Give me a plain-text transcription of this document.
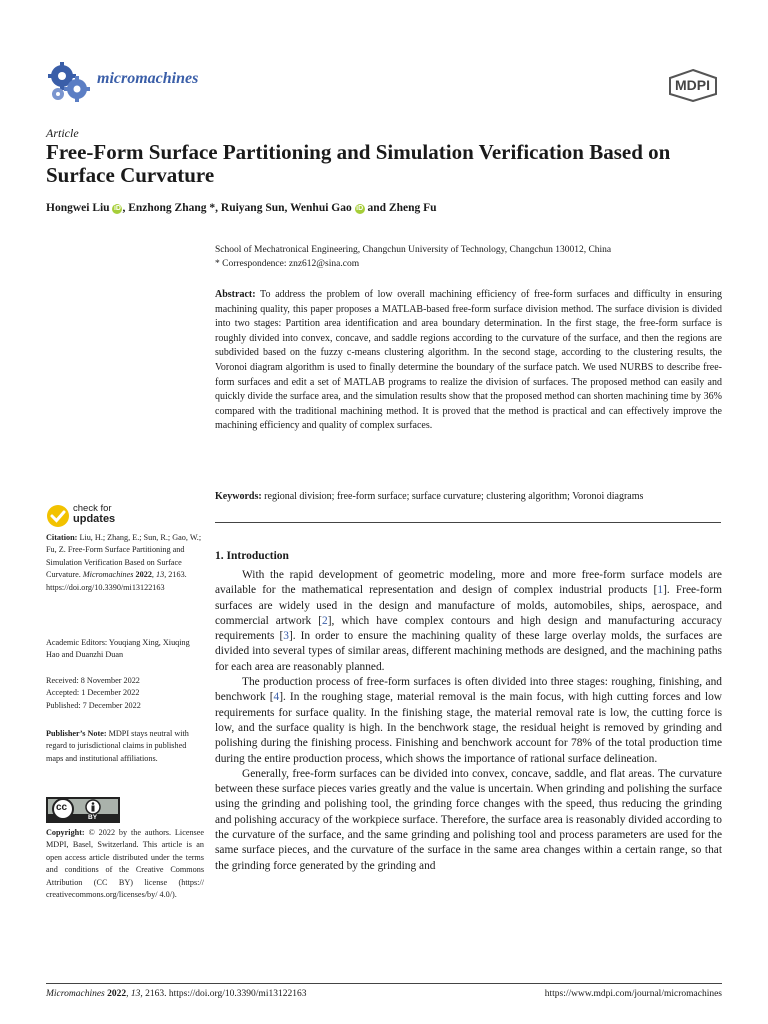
micromachines	MDPI
Article
Free-Form Surface Partitioning and Simulation Verification Based on Surface Curvature
Hongwei Liu iD , Enzhong Zhang *, Ruiyang Sun, Wenhui Gao iD and Zheng Fu
School of Mechatronical Engineering, Changchun University of Technology, Changchun 130012, China
* Correspondence: znz612@sina.com
Abstract: To address the problem of low overall machining efficiency of free-form surfaces and difficulty in ensuring machining quality, this paper proposes a MATLAB-based free-form surface division method. The surface division is divided into two stages: Partition area identification and area boundary determination. In the first stage, the free-form surface is roughly divided into convex, concave, and saddle regions according to the curvature of the surface, and then the regions are subdivided based on the fuzzy c-means clustering algorithm. In the second stage, according to the clustering results, the Voronoi diagram algorithm is used to finally determine the boundary of the surface patch. We used NURBS to describe free-form surfaces and edit a set of MATLAB programs to realize the division of surfaces. The proposed method can easily and quickly divide the surface area, and the simulation results show that the proposed method can shorten machining time by 36% compared with the traditional machining method. It is proved that the method is practical and can effectively improve the machining efficiency and quality of complex surfaces.
Keywords: regional division; free-form surface; surface curvature; clustering algorithm; Voronoi diagrams
1. Introduction

With the rapid development of geometric modeling, more and more free-form surface models are available for the mathematical representation and design of complex industrial products [1]. Free-form surfaces are widely used in the design and manufacture of molds, automobiles, ships, aerospace, and commercial artwork [2], which have complex contours and high design and manufacturing accuracy requirements [3]. In order to ensure the machining quality of these large overlay molds, the surfaces are divided into several types of similar areas, different machining methods are designed, and the machining paths for each area are reasonably planned.

The production process of free-form surfaces is often divided into three stages: roughing, finishing, and benchwork [4]. In the roughing stage, material removal is the main focus, with high cutting forces and low requirements for surface quality. In the finishing stage, the material removal rate is low, the cutting force is low, and the surface quality is high. In the benchwork stage, the residual height is removed by grinding and polishing during the finishing process. Finishing and benchwork account for 78% of the total production time during the entire production process, which shows the importance of rational surface delineation.

Generally, free-form surfaces can be divided into convex, concave, saddle, and flat areas. The curvature between these surface pieces varies greatly and the value is uncertain. When grinding and polishing the surface using the grinding and polishing tool, the grinding force changes with the speed, thus reducing the grinding and polishing accuracy of the workpiece surface. Therefore, the surface area is reasonably divided according to the curvature of the surface, and the same grinding and polishing tool and process parameters are used for the same surface pieces, and the curvature of the surface in the same area changes within a certain range, so that the grinding force generated by the grinding and

check for
updates
Citation: Liu, H.; Zhang, E.; Sun, R.; Gao, W.; Fu, Z. Free-Form Surface Partitioning and Simulation Verification Based on Surface Curvature. Micromachines 2022, 13, 2163. https://doi.org/10.3390/mi13122163
Academic Editors: Youqiang Xing, Xiuqing Hao and Duanzhi Duan
Received: 8 November 2022
Accepted: 1 December 2022
Published: 7 December 2022
Publisher’s Note: MDPI stays neutral with regard to jurisdictional claims in published maps and institutional affiliations.
cc
BY
Copyright: © 2022 by the authors. Licensee MDPI, Basel, Switzerland. This article is an open access article distributed under the terms and conditions of the Creative Commons Attribution (CC BY) license (https:// creativecommons.org/licenses/by/ 4.0/).
Micromachines 2022, 13, 2163. https://doi.org/10.3390/mi13122163	https://www.mdpi.com/journal/micromachines
